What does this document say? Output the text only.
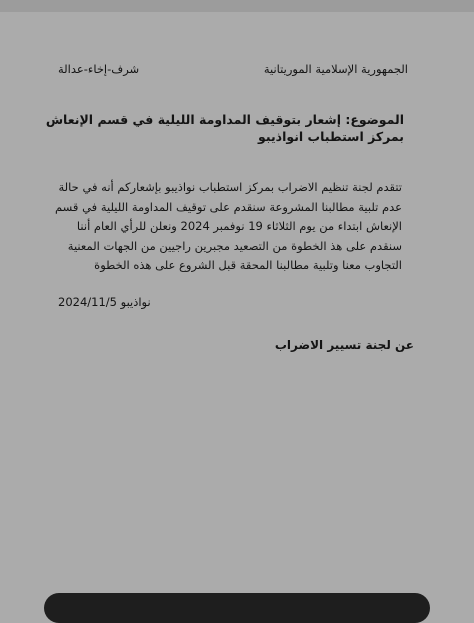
الجمهورية الإسلامية الموريتانية

شرف-إخاء-عدالة

الموضوع: إشعار بتوقيف المداومة الليلية في قسم الإنعاش بمركز استطباب انواذيبو

تتقدم لجنة تنظيم الاضراب بمركز استطباب نواذيبو بإشعاركم أنه في حالة عدم تلبية مطالبنا المشروعة سنقدم على توقيف المداومة الليلية في قسم الإنعاش ابتداء من يوم الثلاثاء 19 نوفمبر 2024 ونعلن للرأي العام أننا سنقدم على هذ الخطوة من التصعيد مجبرين راجيين من الجهات المعنية التجاوب معنا وتلبية مطالبنا المحقة قبل الشروع على هذه الخطوة

نواذيبو 2024/11/5

عن لجنة تسيير الاضراب
